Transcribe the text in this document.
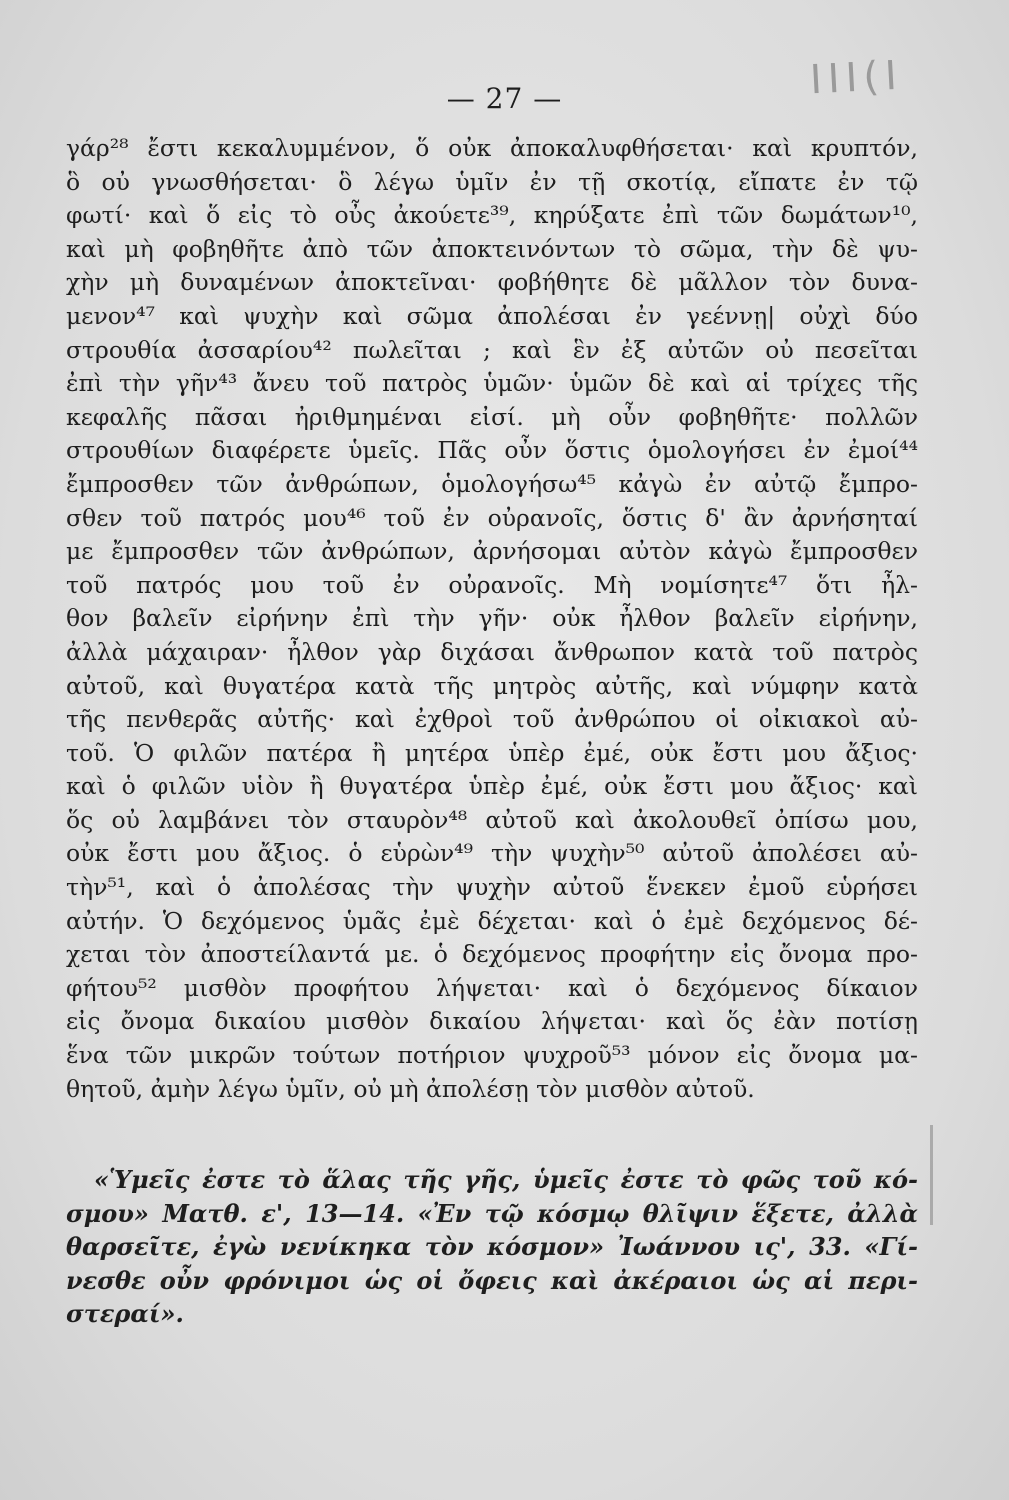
ΙΙΙ(Ι
— 27 —
γάρ²⁸ ἔστι κεκαλυμμένον, ὅ οὐκ ἀποκαλυφθήσεται· καὶ κρυπτόν,
ὃ οὐ γνωσθήσεται· ὃ λέγω ὑμῖν ἐν τῇ σκοτίᾳ, εἴπατε ἐν τῷ
φωτί· καὶ ὅ εἰς τὸ οὖς ἀκούετε³⁹, κηρύξατε ἐπὶ τῶν δωμάτων¹⁰,
καὶ μὴ φοβηθῆτε ἀπὸ τῶν ἀποκτεινόντων τὸ σῶμα, τὴν δὲ ψυ-
χὴν μὴ δυναμένων ἀποκτεῖναι· φοβήθητε δὲ μᾶλλον τὸν δυνα-
μενον⁴⁷ καὶ ψυχὴν καὶ σῶμα ἀπολέσαι ἐν γεέννῃ| οὐχὶ δύο
στρουθία ἀσσαρίου⁴² πωλεῖται ; καὶ ἓν ἐξ αὐτῶν οὐ πεσεῖται
ἐπὶ τὴν γῆν⁴³ ἄνευ τοῦ πατρὸς ὑμῶν· ὑμῶν δὲ καὶ αἱ τρίχες τῆς
κεφαλῆς πᾶσαι ἠριθμημέναι εἰσί. μὴ οὖν φοβηθῆτε· πολλῶν
στρουθίων διαφέρετε ὑμεῖς. Πᾶς οὖν ὅστις ὁμολογήσει ἐν ἐμοί⁴⁴
ἔμπροσθεν τῶν ἀνθρώπων, ὁμολογήσω⁴⁵ κἀγὼ ἐν αὐτῷ ἔμπρο-
σθεν τοῦ πατρός μου⁴⁶ τοῦ ἐν οὐρανοῖς, ὅστις δ' ἂν ἀρνήσηταί
με ἔμπροσθεν τῶν ἀνθρώπων, ἀρνήσομαι αὐτὸν κἀγὼ ἔμπροσθεν
τοῦ πατρός μου τοῦ ἐν οὐρανοῖς. Μὴ νομίσητε⁴⁷ ὅτι ἦλ-
θον βαλεῖν εἰρήνην ἐπὶ τὴν γῆν· οὐκ ἦλθον βαλεῖν εἰρήνην,
ἀλλὰ μάχαιραν· ἦλθον γὰρ διχάσαι ἄνθρωπον κατὰ τοῦ πατρὸς
αὐτοῦ, καὶ θυγατέρα κατὰ τῆς μητρὸς αὐτῆς, καὶ νύμφην κατὰ
τῆς πενθερᾶς αὐτῆς· καὶ ἐχθροὶ τοῦ ἀνθρώπου οἱ οἰκιακοὶ αὐ-
τοῦ. Ὁ φιλῶν πατέρα ἢ μητέρα ὑπὲρ ἐμέ, οὐκ ἔστι μου ἄξιος·
καὶ ὁ φιλῶν υἱὸν ἢ θυγατέρα ὑπὲρ ἐμέ, οὐκ ἔστι μου ἄξιος· καὶ
ὅς οὐ λαμβάνει τὸν σταυρὸν⁴⁸ αὐτοῦ καὶ ἀκολουθεῖ ὀπίσω μου,
οὐκ ἔστι μου ἄξιος. ὁ εὑρὼν⁴⁹ τὴν ψυχὴν⁵⁰ αὐτοῦ ἀπολέσει αὐ-
τὴν⁵¹, καὶ ὁ ἀπολέσας τὴν ψυχὴν αὐτοῦ ἕνεκεν ἐμοῦ εὑρήσει
αὐτήν. Ὁ δεχόμενος ὑμᾶς ἐμὲ δέχεται· καὶ ὁ ἐμὲ δεχόμενος δέ-
χεται τὸν ἀποστείλαντά με. ὁ δεχόμενος προφήτην εἰς ὄνομα προ-
φήτου⁵² μισθὸν προφήτου λήψεται· καὶ ὁ δεχόμενος δίκαιον
εἰς ὄνομα δικαίου μισθὸν δικαίου λήψεται· καὶ ὅς ἐὰν ποτίσῃ
ἕνα τῶν μικρῶν τούτων ποτήριον ψυχροῦ⁵³ μόνον εἰς ὄνομα μα-
θητοῦ, ἀμὴν λέγω ὑμῖν, οὐ μὴ ἀπολέσῃ τὸν μισθὸν αὐτοῦ.
«Ὑμεῖς ἐστε τὸ ἅλας τῆς γῆς, ὑμεῖς ἐστε τὸ φῶς τοῦ κό-
σμου» Ματθ. ε', 13—14. «Ἐν τῷ κόσμῳ θλῖψιν ἕξετε, ἀλλὰ
θαρσεῖτε, ἐγὼ νενίκηκα τὸν κόσμον» Ἰωάννου ις', 33. «Γί-
νεσθε οὖν φρόνιμοι ὡς οἱ ὄφεις καὶ ἀκέραιοι ὡς αἱ περι-
στεραί».
